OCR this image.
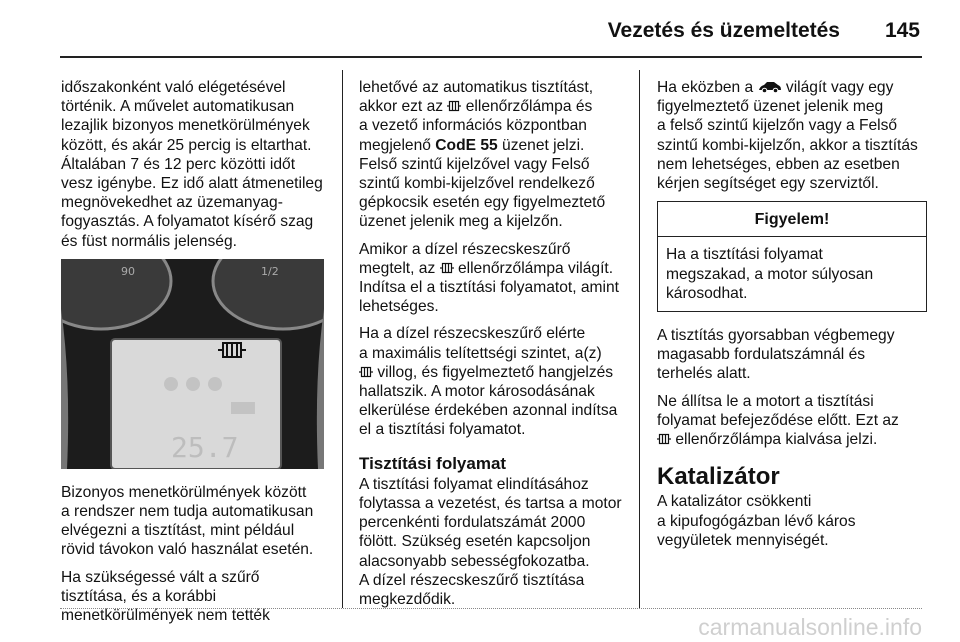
Vezetés és üzemeltetés 145

időszakonként való elégetésével
történik. A művelet automatikusan
lezajlik bizonyos menetkörülmények
között, és akár 25 percig is eltarthat.
Általában 7 és 12 perc közötti időt
vesz igénybe. Ez idő alatt átmenetileg
megnövekedhet az üzemanyag-
fogyasztás. A folyamatot kísérő szag
és füst normális jelenség.

90	1/2
25.7

Bizonyos menetkörülmények között
a rendszer nem tudja automatikusan
elvégezni a tisztítást, mint például
rövid távokon való használat esetén.

Ha szükségessé vált a szűrő
tisztítása, és a korábbi
menetkörülmények nem tették

lehetővé az automatikus tisztítást,
akkor ezt az  ellenőrzőlámpa és
a vezető információs központban
megjelenő CodE 55 üzenet jelzi.
Felső szintű kijelzővel vagy Felső
szintű kombi-kijelzővel rendelkező
gépkocsik esetén egy figyelmeztető
üzenet jelenik meg a kijelzőn.

Amikor a dízel részecskeszűrő
megtelt, az  ellenőrzőlámpa világít.
Indítsa el a tisztítási folyamatot, amint
lehetséges.

Ha a dízel részecskeszűrő elérte
a maximális telítettségi szintet, a(z)
villog, és figyelmeztető hangjelzés
hallatszik. A motor károsodásának
elkerülése érdekében azonnal indítsa
el a tisztítási folyamatot.

Tisztítási folyamat

A tisztítási folyamat elindításához
folytassa a vezetést, és tartsa a motor
percenkénti fordulatszámát 2000
fölött. Szükség esetén kapcsoljon
alacsonyabb sebességfokozatba.
A dízel részecskeszűrő tisztítása
megkezdődik.

Ha eközben a  világít vagy egy
figyelmeztető üzenet jelenik meg
a felső szintű kijelzőn vagy a Felső
szintű kombi-kijelzőn, akkor a tisztítás
nem lehetséges, ebben az esetben
kérjen segítséget egy szerviztől.

Figyelem!
Ha a tisztítási folyamat
megszakad, a motor súlyosan
károsodhat.

A tisztítás gyorsabban végbemegy
magasabb fordulatszámnál és
terhelés alatt.

Ne állítsa le a motort a tisztítási
folyamat befejeződése előtt. Ezt az
ellenőrzőlámpa kialvása jelzi.

Katalizátor

A katalizátor csökkenti
a kipufogógázban lévő káros
vegyületek mennyiségét.

carmanualsonline.info
